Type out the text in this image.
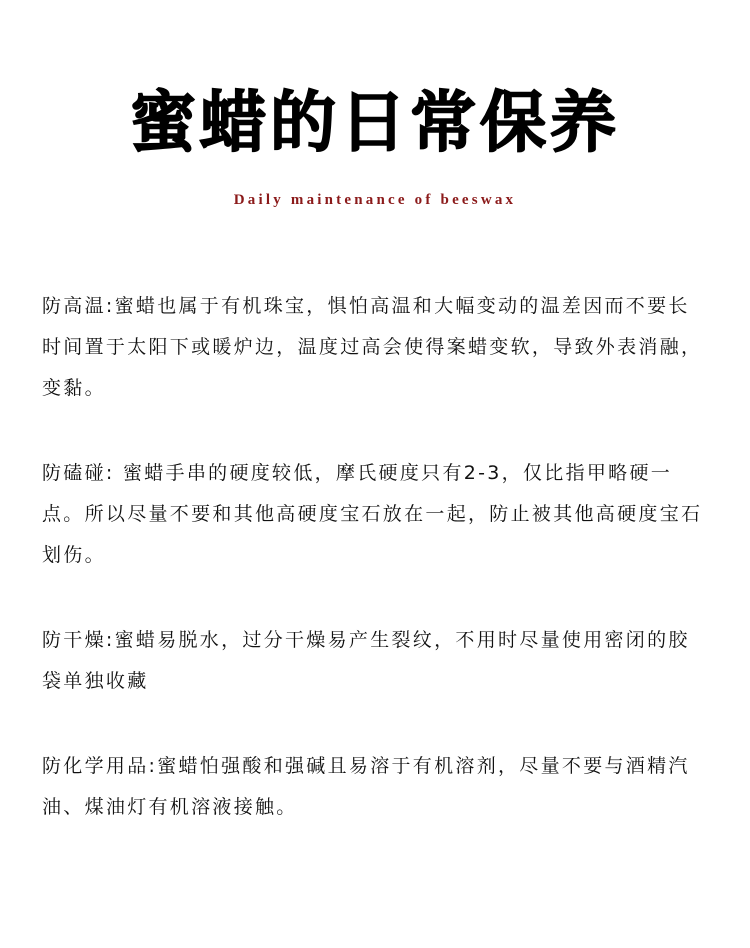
蜜蜡的日常保养
Daily maintenance of beeswax

防高温:蜜蜡也属于有机珠宝，惧怕高温和大幅变动的温差因而不要长时间置于太阳下或暖炉边，温度过高会使得案蜡变软，导致外表消融，变黏。

防磕碰: 蜜蜡手串的硬度较低，摩氏硬度只有2-3，仅比指甲略硬一点。所以尽量不要和其他高硬度宝石放在一起，防止被其他高硬度宝石划伤。

防干燥:蜜蜡易脱水，过分干燥易产生裂纹，不用时尽量使用密闭的胶袋单独收藏

防化学用品:蜜蜡怕强酸和强碱且易溶于有机溶剂，尽量不要与酒精汽油、煤油灯有机溶液接触。
